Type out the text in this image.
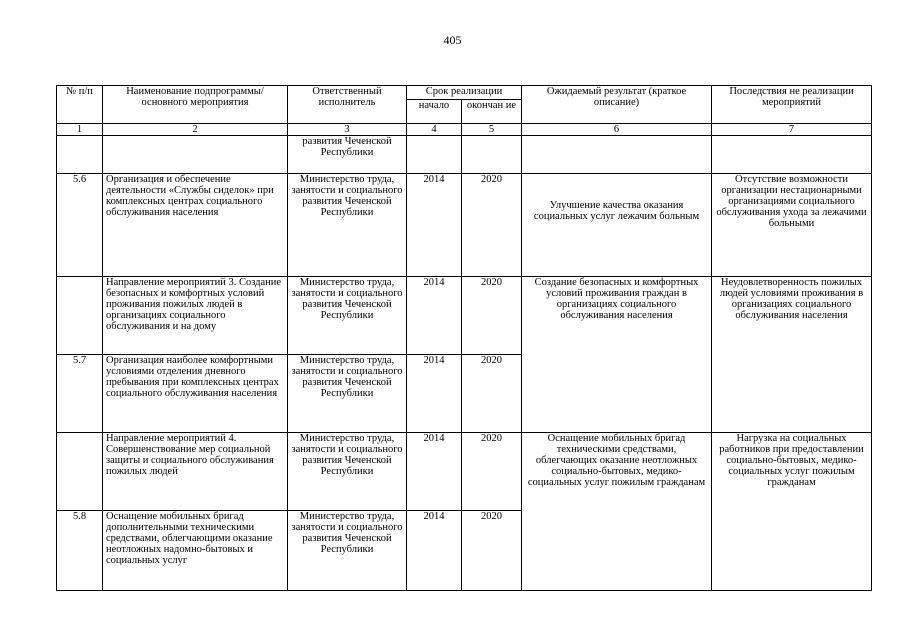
405
№ п/п	Наименование подпрограммы/ основного мероприятия	Ответственный исполнитель	Срок реализации		Ожидаемый результат (краткое описание)	Последствия не реализации мероприятий
			начало	окончан ие		
1	2	3	4	5	6	7
		развития Чеченской Республики				
5.6	Организация и обеспечение деятельности «Службы сиделок» при комплексных центрах социального обслуживания населения	Министерство труда, занятости и социального развития Чеченской Республики	2014	2020	Улучшение качества оказания социальных услуг лежачим больным	Отсутствие возможности организации нестационарными организациями социального обслуживания ухода за лежачими больными
	Направление мероприятий 3. Создание безопасных и комфортных условий проживания пожилых людей в организациях социального обслуживания и на дому	Министерство труда, занятости и социального развития Чеченской Республики	2014	2020	Создание безопасных и комфортных условий проживания граждан в организациях социального обслуживания населения	Неудовлетворенность пожилых людей условиями проживания в организациях социального обслуживания населения
5.7	Организация наиболее комфортными условиями отделения дневного пребывания при комплексных центрах социального обслуживания населения	Министерство труда, занятости и социального развития Чеченской Республики	2014	2020		
	Направление мероприятий 4. Совершенствование мер социальной защиты и социального обслуживания пожилых людей	Министерство труда, занятости и социального развития Чеченской Республики	2014	2020	Оснащение мобильных бригад техническими средствами, облегчающих оказание неотложных социально-бытовых, медико-социальных услуг пожилым гражданам	Нагрузка на социальных работников при предоставлении социально-бытовых, медико-социальных услуг пожилым гражданам
5.8	Оснащение мобильных бригад дополнительными техническими средствами, облегчающими оказание неотложных надомно-бытовых и социальных услуг	Министерство труда, занятости и социального развития Чеченской Республики	2014	2020		
